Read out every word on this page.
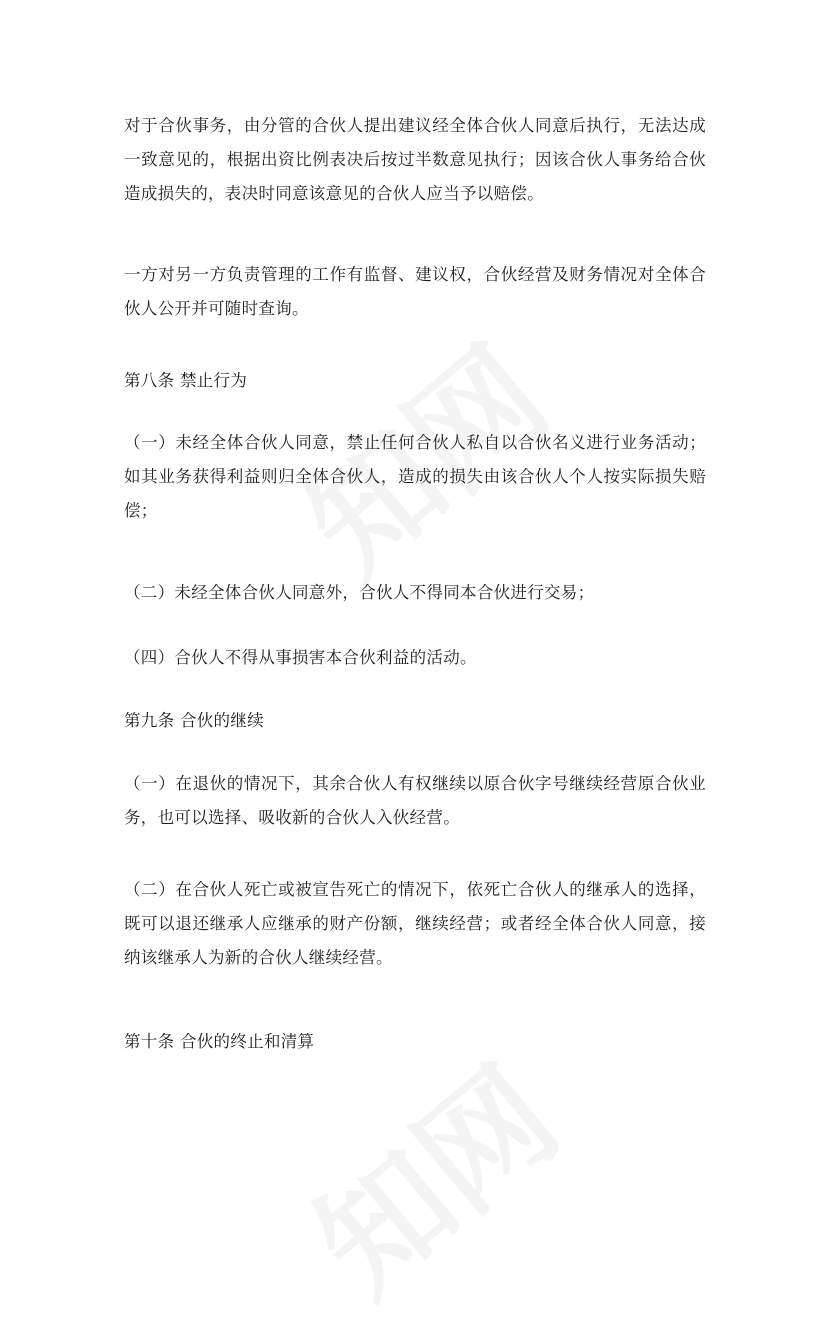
对于合伙事务，由分管的合伙人提出建议经全体合伙人同意后执行，无法达成一致意见的，根据出资比例表决后按过半数意见执行；因该合伙人事务给合伙造成损失的，表决时同意该意见的合伙人应当予以赔偿。

一方对另一方负责管理的工作有监督、建议权，合伙经营及财务情况对全体合伙人公开并可随时查询。

第八条 禁止行为

（一）未经全体合伙人同意，禁止任何合伙人私自以合伙名义进行业务活动；如其业务获得利益则归全体合伙人，造成的损失由该合伙人个人按实际损失赔偿；

（二）未经全体合伙人同意外，合伙人不得同本合伙进行交易；

（四）合伙人不得从事损害本合伙利益的活动。

第九条 合伙的继续

（一）在退伙的情况下，其余合伙人有权继续以原合伙字号继续经营原合伙业务，也可以选择、吸收新的合伙人入伙经营。

（二）在合伙人死亡或被宣告死亡的情况下，依死亡合伙人的继承人的选择，既可以退还继承人应继承的财产份额，继续经营；或者经全体合伙人同意，接纳该继承人为新的合伙人继续经营。

第十条 合伙的终止和清算
